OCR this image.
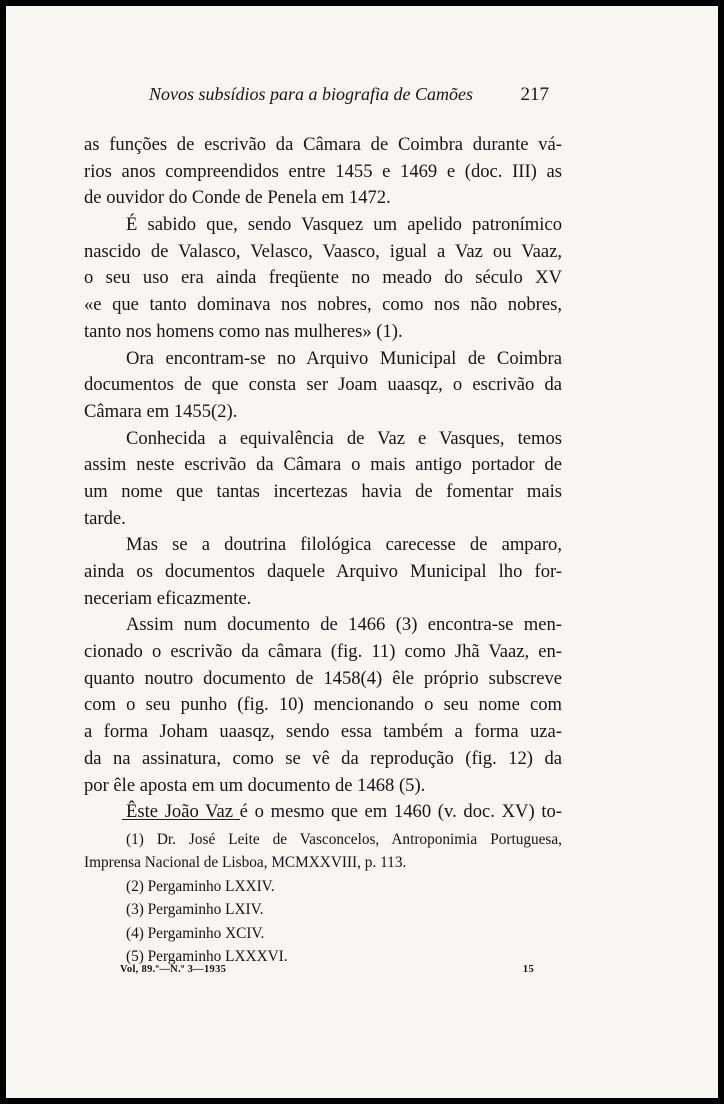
Novos subsídios para a biografia de Camões 217
as funções de escrivão da Câmara de Coimbra durante vá-
rios anos compreendidos entre 1455 e 1469 e (doc. III) as
de ouvidor do Conde de Penela em 1472.
É sabido que, sendo Vasquez um apelido patronímico
nascido de Valasco, Velasco, Vaasco, igual a Vaz ou Vaaz,
o seu uso era ainda freqüente no meado do século XV
«e que tanto dominava nos nobres, como nos não nobres,
tanto nos homens como nas mulheres» (1).
Ora encontram-se no Arquivo Municipal de Coimbra
documentos de que consta ser Joam uaasqz, o escrivão da
Câmara em 1455(2).
Conhecida a equivalência de Vaz e Vasques, temos
assim neste escrivão da Câmara o mais antigo portador de
um nome que tantas incertezas havia de fomentar mais
tarde.
Mas se a doutrina filológica carecesse de amparo,
ainda os documentos daquele Arquivo Municipal lho for-
neceriam eficazmente.
Assim num documento de 1466 (3) encontra-se men-
cionado o escrivão da câmara (fig. 11) como Jhã Vaaz, en-
quanto noutro documento de 1458(4) êle próprio subscreve
com o seu punho (fig. 10) mencionando o seu nome com
a forma Joham uaasqz, sendo essa também a forma uza-
da na assinatura, como se vê da reprodução (fig. 12) da
por êle aposta em um documento de 1468 (5).
Êste João Vaz é o mesmo que em 1460 (v. doc. XV) to-
(1) Dr. José Leite de Vasconcelos, Antroponimia Portuguesa,
Imprensa Nacional de Lisboa, MCMXXVIII, p. 113.
(2) Pergaminho LXXIV.
(3) Pergaminho LXIV.
(4) Pergaminho XCIV.
(5) Pergaminho LXXXVI.
Vol, 89.º—N.º 3—1935	15
